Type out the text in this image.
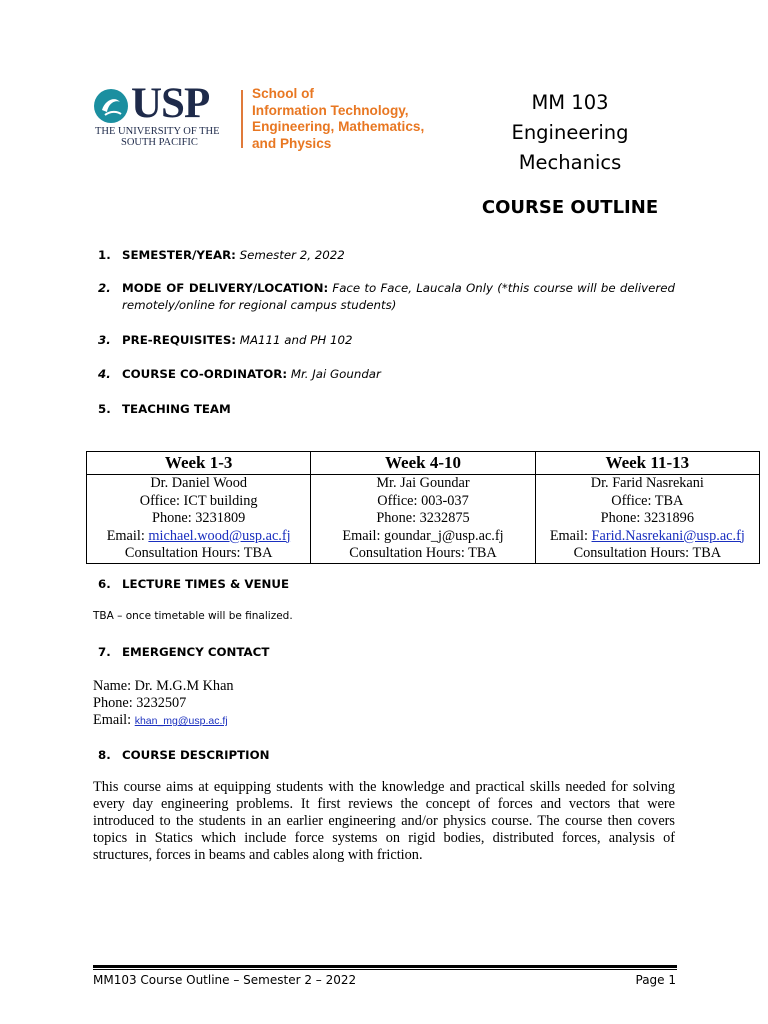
USP
THE UNIVERSITY OF THE
SOUTH PACIFIC
School of
Information Technology,
Engineering, Mathematics,
and Physics
MM 103
Engineering
Mechanics
COURSE OUTLINE
1. SEMESTER/YEAR: Semester 2, 2022
2. MODE OF DELIVERY/LOCATION: Face to Face, Laucala Only (*this course will be delivered remotely/online for regional campus students)
3. PRE-REQUISITES: MA111 and PH 102
4. COURSE CO-ORDINATOR: Mr. Jai Goundar
5. TEACHING TEAM
Week 1-3	Week 4-10	Week 11-13
Dr. Daniel Wood	Mr. Jai Goundar	Dr. Farid Nasrekani
Office: ICT building	Office: 003-037	Office: TBA
Phone: 3231809	Phone: 3232875	Phone: 3231896
Email: michael.wood@usp.ac.fj	Email: goundar_j@usp.ac.fj	Email: Farid.Nasrekani@usp.ac.fj
Consultation Hours: TBA	Consultation Hours: TBA	Consultation Hours: TBA
6. LECTURE TIMES & VENUE
TBA – once timetable will be finalized.
7. EMERGENCY CONTACT
Name: Dr. M.G.M Khan
Phone: 3232507
Email: khan_mg@usp.ac.fj
8. COURSE DESCRIPTION
This course aims at equipping students with the knowledge and practical skills needed for solving every day engineering problems. It first reviews the concept of forces and vectors that were introduced to the students in an earlier engineering and/or physics course. The course then covers topics in Statics which include force systems on rigid bodies, distributed forces, analysis of structures, forces in beams and cables along with friction.
MM103 Course Outline – Semester 2 – 2022	Page 1
